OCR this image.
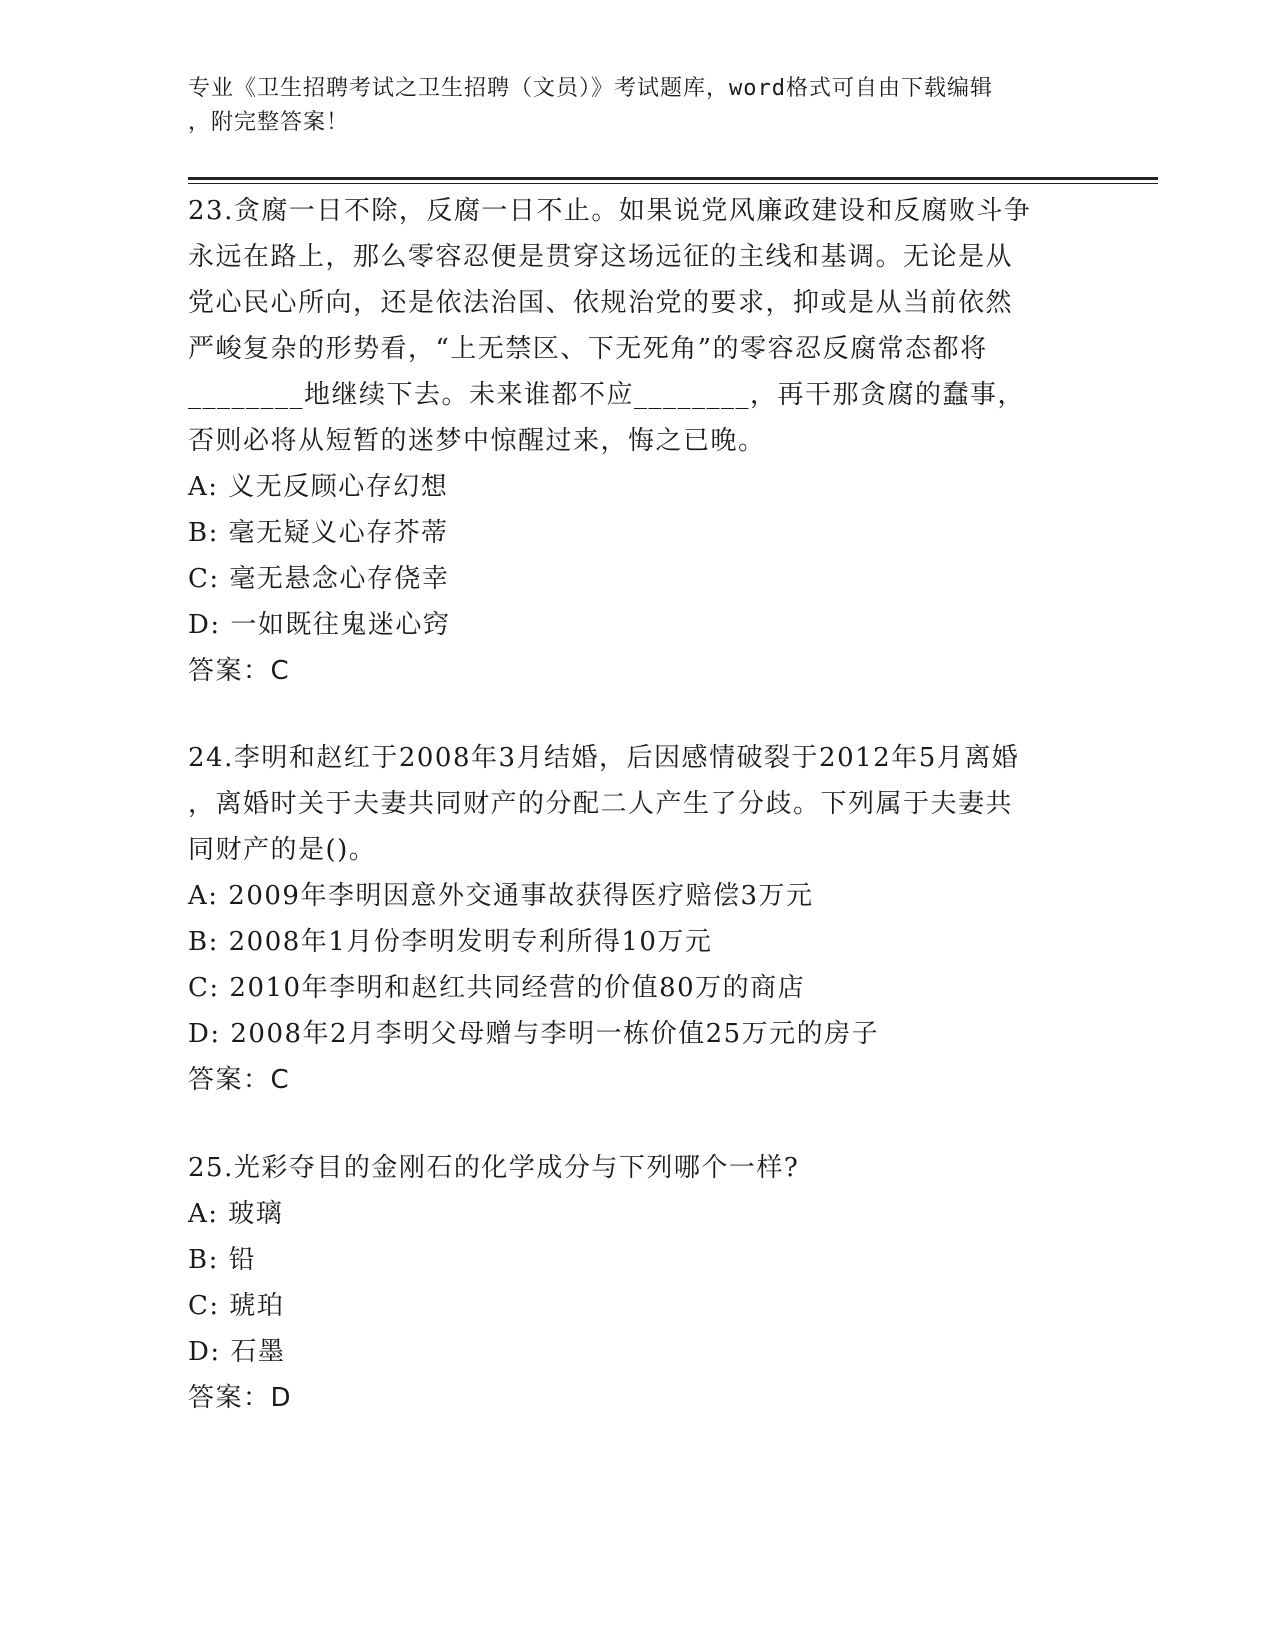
专业《卫生招聘考试之卫生招聘（文员）》考试题库，word格式可自由下载编辑
，附完整答案！
23.贪腐一日不除，反腐一日不止。如果说党风廉政建设和反腐败斗争
永远在路上，那么零容忍便是贯穿这场远征的主线和基调。无论是从
党心民心所向，还是依法治国、依规治党的要求，抑或是从当前依然
严峻复杂的形势看，“上无禁区、下无死角”的零容忍反腐常态都将
________地继续下去。未来谁都不应________，再干那贪腐的蠢事，
否则必将从短暂的迷梦中惊醒过来，悔之已晚。
A: 义无反顾心存幻想
B: 毫无疑义心存芥蒂
C: 毫无悬念心存侥幸
D: 一如既往鬼迷心窍
答案：C
24.李明和赵红于2008年3月结婚，后因感情破裂于2012年5月离婚
，离婚时关于夫妻共同财产的分配二人产生了分歧。下列属于夫妻共
同财产的是()。
A: 2009年李明因意外交通事故获得医疗赔偿3万元
B: 2008年1月份李明发明专利所得10万元
C: 2010年李明和赵红共同经营的价值80万的商店
D: 2008年2月李明父母赠与李明一栋价值25万元的房子
答案：C
25.光彩夺目的金刚石的化学成分与下列哪个一样?
A: 玻璃
B: 铅
C: 琥珀
D: 石墨
答案：D
